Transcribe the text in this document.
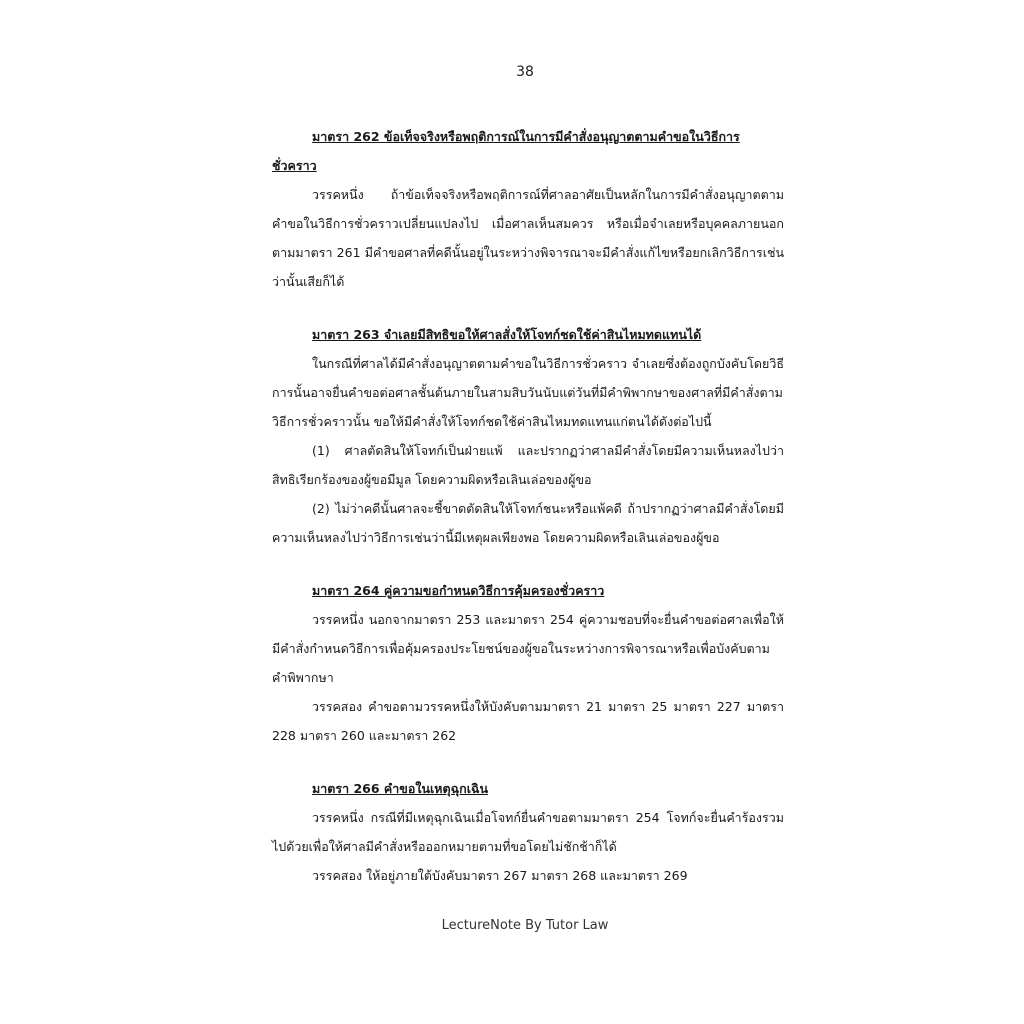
38
มาตรา 262 ข้อเท็จจริงหรือพฤติการณ์ในการมีคำสั่งอนุญาตตามคำขอในวิธีการชั่วคราว
วรรคหนึ่ง ถ้าข้อเท็จจริงหรือพฤติการณ์ที่ศาลอาศัยเป็นหลักในการมีคำสั่งอนุญาตตามคำขอในวิธีการชั่วคราวเปลี่ยนแปลงไป เมื่อศาลเห็นสมควร หรือเมื่อจำเลยหรือบุคคลภายนอกตามมาตรา 261 มีคำขอศาลที่คดีนั้นอยู่ในระหว่างพิจารณาจะมีคำสั่งแก้ไขหรือยกเลิกวิธีการเช่นว่านั้นเสียก็ได้
มาตรา 263 จำเลยมีสิทธิขอให้ศาลสั่งให้โจทก์ชดใช้ค่าสินไหมทดแทนได้
ในกรณีที่ศาลได้มีคำสั่งอนุญาตตามคำขอในวิธีการชั่วคราว จำเลยซึ่งต้องถูกบังคับโดยวิธีการนั้นอาจยื่นคำขอต่อศาลชั้นต้นภายในสามสิบวันนับแต่วันที่มีคำพิพากษาของศาลที่มีคำสั่งตามวิธีการชั่วคราวนั้น ขอให้มีคำสั่งให้โจทก์ชดใช้ค่าสินไหมทดแทนแก่ตนได้ดังต่อไปนี้
(1) ศาลตัดสินให้โจทก์เป็นฝ่ายแพ้ และปรากฏว่าศาลมีคำสั่งโดยมีความเห็นหลงไปว่าสิทธิเรียกร้องของผู้ขอมีมูล โดยความผิดหรือเลินเล่อของผู้ขอ
(2) ไม่ว่าคดีนั้นศาลจะชี้ขาดตัดสินให้โจทก์ชนะหรือแพ้คดี ถ้าปรากฏว่าศาลมีคำสั่งโดยมีความเห็นหลงไปว่าวิธีการเช่นว่านี้มีเหตุผลเพียงพอ โดยความผิดหรือเลินเล่อของผู้ขอ
มาตรา 264 คู่ความขอกำหนดวิธีการคุ้มครองชั่วคราว
วรรคหนึ่ง นอกจากมาตรา 253 และมาตรา 254 คู่ความชอบที่จะยื่นคำขอต่อศาลเพื่อให้มีคำสั่งกำหนดวิธีการเพื่อคุ้มครองประโยชน์ของผู้ขอในระหว่างการพิจารณาหรือเพื่อบังคับตามคำพิพากษา
วรรคสอง คำขอตามวรรคหนึ่งให้บังคับตามมาตรา 21 มาตรา 25 มาตรา 227 มาตรา 228 มาตรา 260 และมาตรา 262
มาตรา 266 คำขอในเหตุฉุกเฉิน
วรรคหนึ่ง กรณีที่มีเหตุฉุกเฉินเมื่อโจทก์ยื่นคำขอตามมาตรา 254 โจทก์จะยื่นคำร้องรวมไปด้วยเพื่อให้ศาลมีคำสั่งหรือออกหมายตามที่ขอโดยไม่ชักช้าก็ได้
วรรคสอง ให้อยู่ภายใต้บังคับมาตรา 267 มาตรา 268 และมาตรา 269
LectureNote By Tutor Law
